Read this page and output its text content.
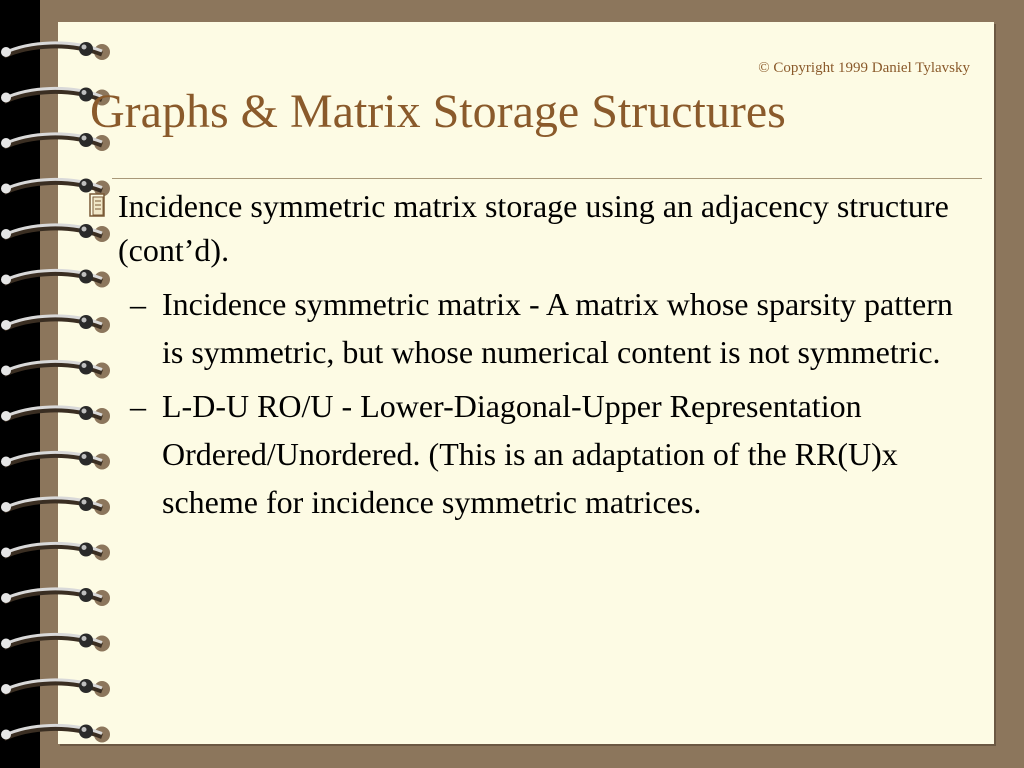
© Copyright 1999 Daniel Tylavsky

Graphs & Matrix Storage Structures
Incidence symmetric matrix storage using an adjacency structure (cont’d).
– Incidence symmetric matrix - A matrix whose sparsity pattern is symmetric, but whose numerical content is not symmetric.
– L-D-U RO/U - Lower-Diagonal-Upper Representation Ordered/Unordered. (This is an adaptation of the RR(U)x scheme for incidence symmetric matrices.
